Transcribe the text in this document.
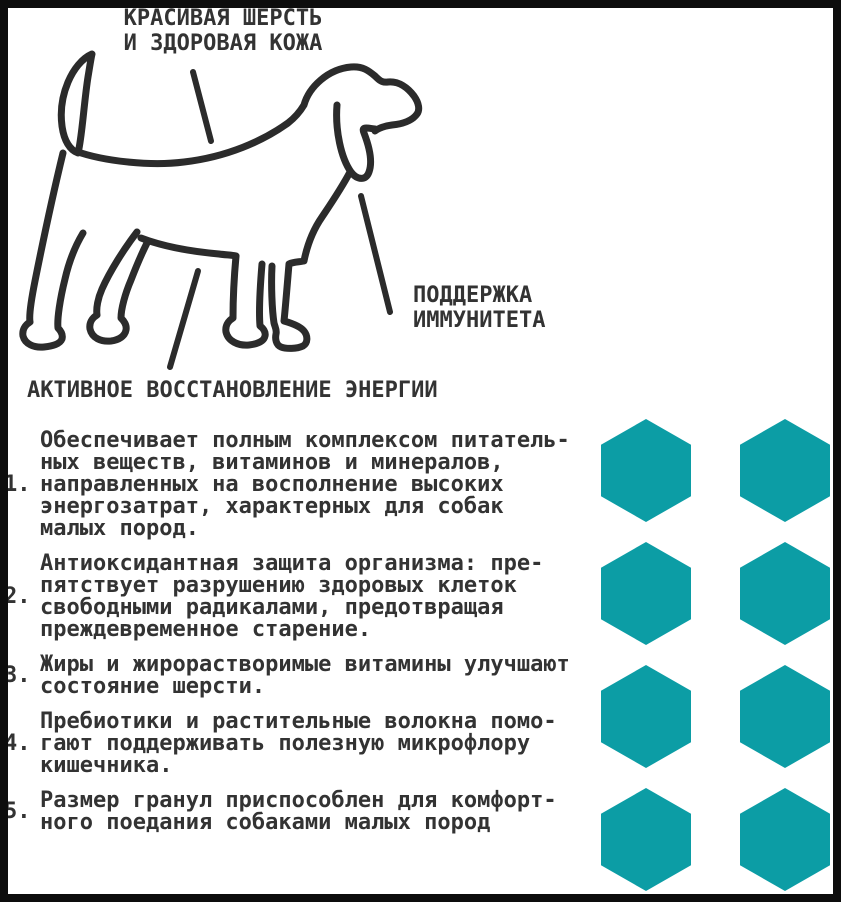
КРАСИВАЯ ШЕРСТЬ
И ЗДОРОВАЯ КОЖА
ПОДДЕРЖКА
ИММУНИТЕТА
АКТИВНОЕ ВОССТАНОВЛЕНИЕ ЭНЕРГИИ
1.
Обеспечивает полным комплексом питатель-
ных веществ, витаминов и минералов,
направленных на восполнение высоких
энергозатрат, характерных для собак
малых пород.
2.
Антиоксидантная защита организма: пре-
пятствует разрушению здоровых клеток
свободными радикалами, предотвращая
преждевременное старение.
3. Жиры и жирорастворимые витамины улучшают
состояние шерсти.
4.
Пребиотики и растительные волокна помо-
гают поддерживать полезную микрофлору
кишечника.
5. Размер гранул приспособлен для комфорт-
ного поедания собаками малых пород
